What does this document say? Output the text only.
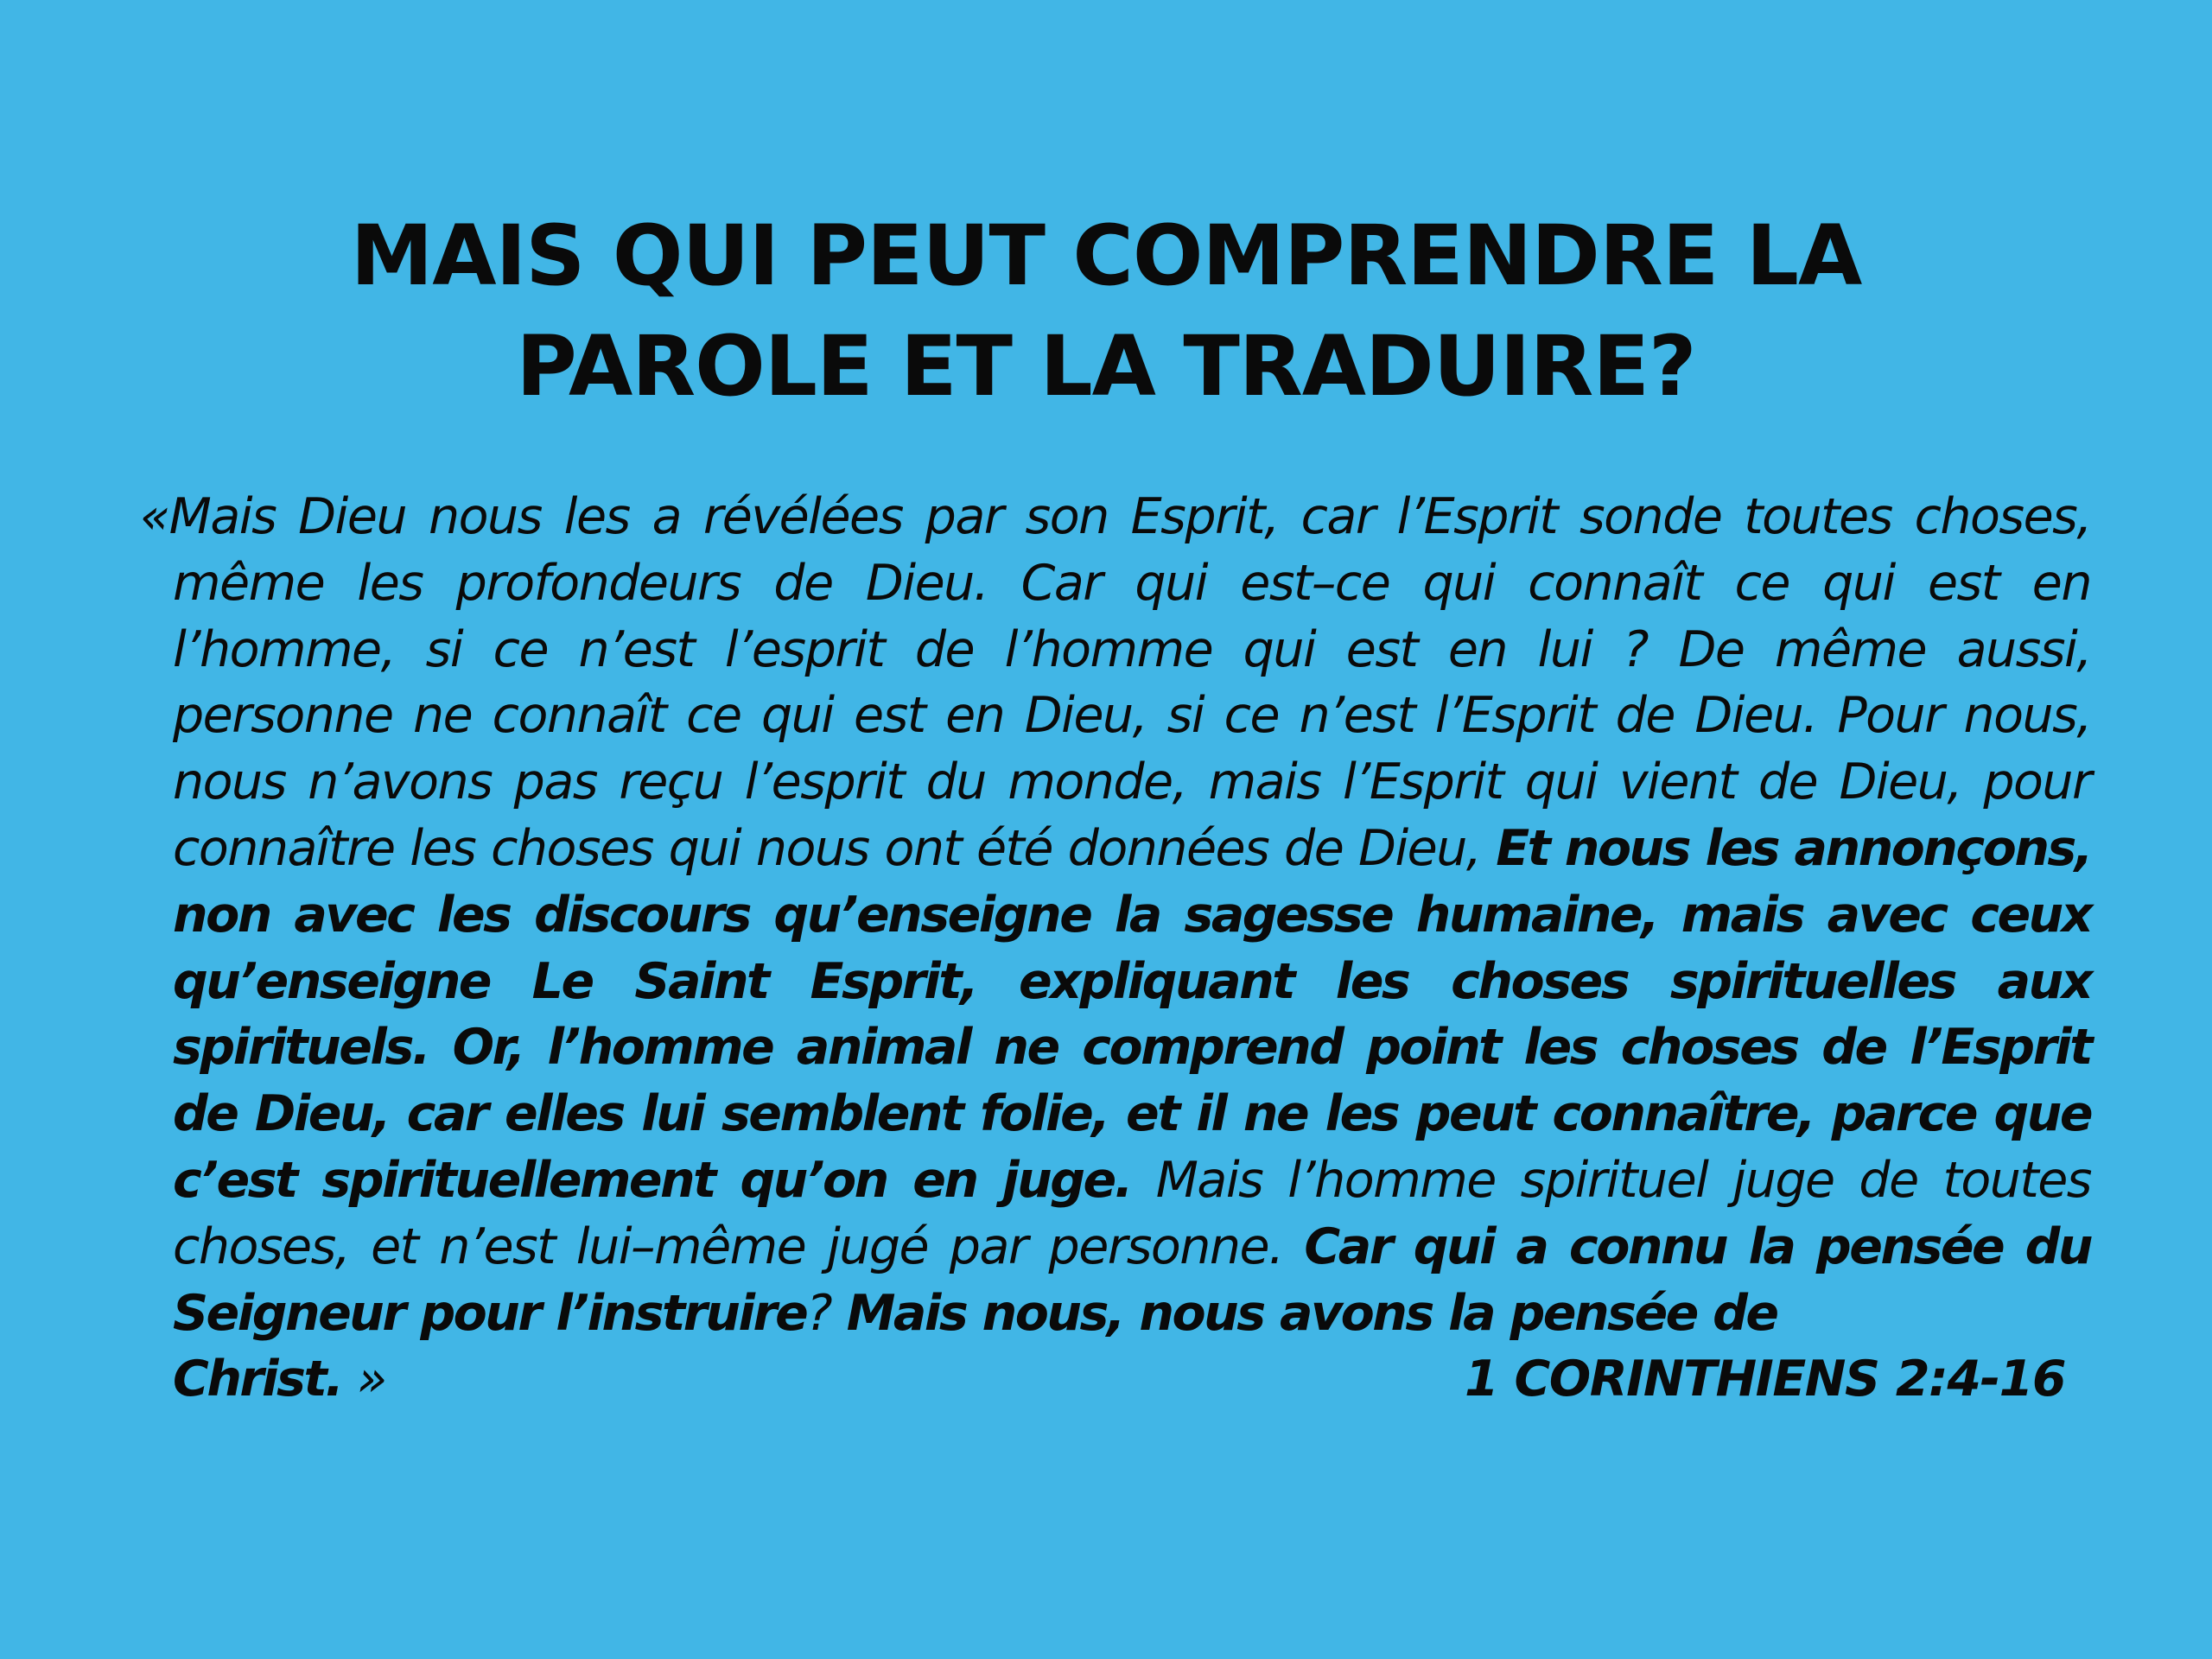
MAIS QUI PEUT COMPRENDRE LA
PAROLE ET LA TRADUIRE?
«Mais Dieu nous les a révélées par son Esprit, car l’Esprit sonde toutes choses, même les profondeurs de Dieu. Car qui est–ce qui connaît ce qui est en l’homme, si ce n’est l’esprit de l’homme qui est en lui ? De même aussi, personne ne connaît ce qui est en Dieu, si ce n’est l’Esprit de Dieu. Pour nous, nous n’avons pas reçu l’esprit du monde, mais l’Esprit qui vient de Dieu, pour connaître les choses qui nous ont été données de Dieu, Et nous les annonçons, non avec les discours qu’enseigne la sagesse humaine, mais avec ceux qu’enseigne Le Saint Esprit, expliquant les choses spirituelles aux spirituels. Or, l’homme animal ne comprend point les choses de l’Esprit de Dieu, car elles lui semblent folie, et il ne les peut connaître, parce que c’est spirituellement qu’on en juge. Mais l’homme spirituel juge de toutes choses, et n’est lui–même jugé par personne. Car qui a connu la pensée du Seigneur pour l’instruire? Mais nous, nous avons la pensée de
Christ. »	1 CORINTHIENS 2:4-16
